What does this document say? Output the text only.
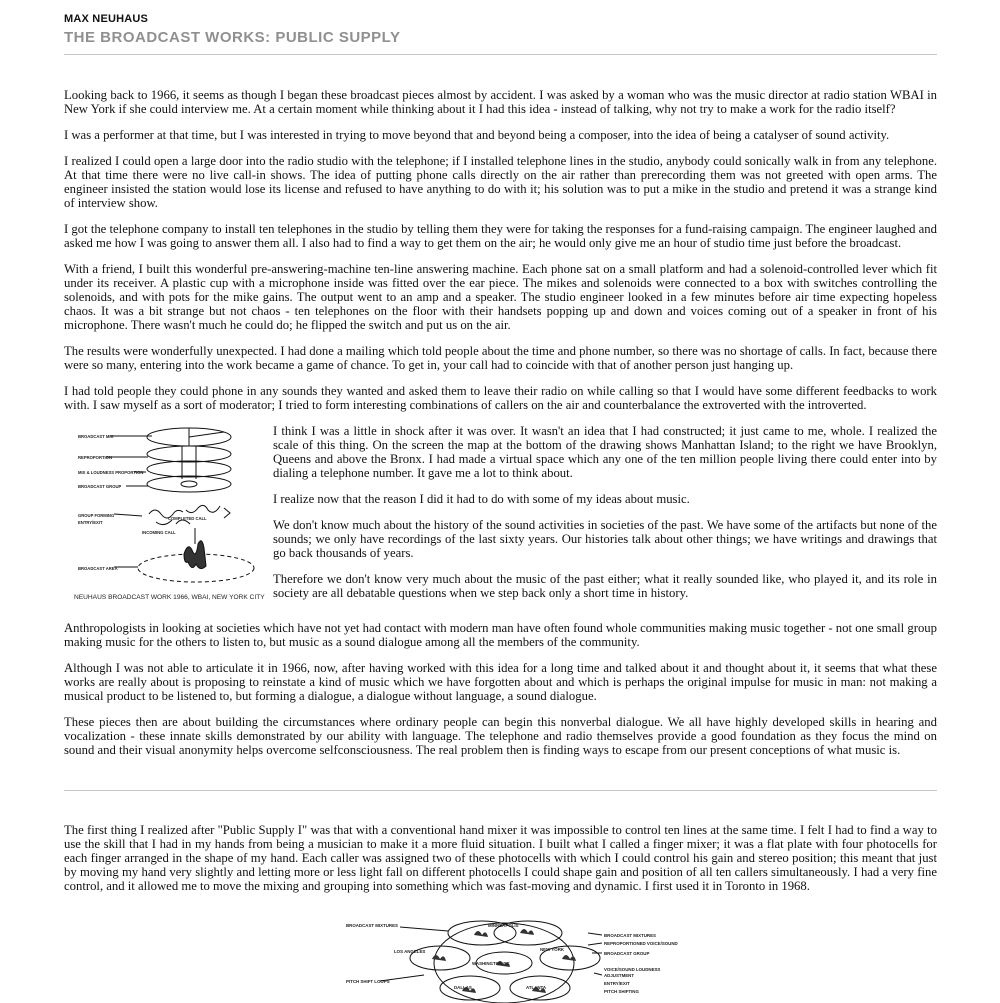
MAX NEUHAUS
THE BROADCAST WORKS: PUBLIC SUPPLY

Looking back to 1966, it seems as though I began these broadcast pieces almost by accident. I was asked by a woman who was the music director at radio station WBAI in New York if she could interview me. At a certain moment while thinking about it I had this idea - instead of talking, why not try to make a work for the radio itself?

I was a performer at that time, but I was interested in trying to move beyond that and beyond being a composer, into the idea of being a catalyser of sound activity.

I realized I could open a large door into the radio studio with the telephone; if I installed telephone lines in the studio, anybody could sonically walk in from any telephone. At that time there were no live call-in shows. The idea of putting phone calls directly on the air rather than prerecording them was not greeted with open arms. The engineer insisted the station would lose its license and refused to have anything to do with it; his solution was to put a mike in the studio and pretend it was a strange kind of interview show.

I got the telephone company to install ten telephones in the studio by telling them they were for taking the responses for a fund-raising campaign. The engineer laughed and asked me how I was going to answer them all. I also had to find a way to get them on the air; he would only give me an hour of studio time just before the broadcast.

With a friend, I built this wonderful pre-answering-machine ten-line answering machine. Each phone sat on a small platform and had a solenoid-controlled lever which fit under its receiver. A plastic cup with a microphone inside was fitted over the ear piece. The mikes and solenoids were connected to a box with switches controlling the solenoids, and with pots for the mike gains. The output went to an amp and a speaker. The studio engineer looked in a few minutes before air time expecting hopeless chaos. It was a bit strange but not chaos - ten telephones on the floor with their handsets popping up and down and voices coming out of a speaker in front of his microphone. There wasn't much he could do; he flipped the switch and put us on the air.

The results were wonderfully unexpected. I had done a mailing which told people about the time and phone number, so there was no shortage of calls. In fact, because there were so many, entering into the work became a game of chance. To get in, your call had to coincide with that of another person just hanging up.

I had told people they could phone in any sounds they wanted and asked them to leave their radio on while calling so that I would have some different feedbacks to work with. I saw myself as a sort of moderator; I tried to form interesting combinations of callers on the air and counterbalance the extroverted with the introverted.

BROADCAST MIX
REPROPORTION
MIX & LOUDNESS PROPORTION
BROADCAST GROUP
GROUP FORMING
ENTRY/EXIT
COMPLETED CALL
INCOMING CALL
BROADCAST AREA
NEUHAUS BROADCAST WORK 1966, WBAI, NEW YORK CITY

I think I was a little in shock after it was over. It wasn't an idea that I had constructed; it just came to me, whole. I realized the scale of this thing. On the screen the map at the bottom of the drawing shows Manhattan Island; to the right we have Brooklyn, Queens and above the Bronx. I had made a virtual space which any one of the ten million people living there could enter into by dialing a telephone number. It gave me a lot to think about.

I realize now that the reason I did it had to do with some of my ideas about music.

We don't know much about the history of the sound activities in societies of the past. We have some of the artifacts but none of the sounds; we only have recordings of the last sixty years. Our histories talk about other things; we have writings and drawings that go back thousands of years.

Therefore we don't know very much about the music of the past either; what it really sounded like, who played it, and its role in society are all debatable questions when we step back only a short time in history.

Anthropologists in looking at societies which have not yet had contact with modern man have often found whole communities making music together - not one small group making music for the others to listen to, but music as a sound dialogue among all the members of the community.

Although I was not able to articulate it in 1966, now, after having worked with this idea for a long time and talked about it and thought about it, it seems that what these works are really about is proposing to reinstate a kind of music which we have forgotten about and which is perhaps the original impulse for music in man: not making a musical product to be listened to, but forming a dialogue, a dialogue without language, a sound dialogue.

These pieces then are about building the circumstances where ordinary people can begin this nonverbal dialogue. We all have highly developed skills in hearing and vocalization - these innate skills demonstrated by our ability with language. The telephone and radio themselves provide a good foundation as they focus the mind on sound and their visual anonymity helps overcome selfconsciousness. The real problem then is finding ways to escape from our present conceptions of what music is.

The first thing I realized after "Public Supply I" was that with a conventional hand mixer it was impossible to control ten lines at the same time. I felt I had to find a way to use the skill that I had in my hands from being a musician to make it a more fluid situation. I built what I called a finger mixer; it was a flat plate with four photocells for each finger arranged in the shape of my hand. Each caller was assigned two of these photocells with which I could control his gain and stereo position; this meant that just by moving my hand very slightly and letting more or less light fall on different photocells I could shape gain and position of all ten callers simultaneously. I had a very fine control, and it allowed me to move the mixing and grouping into something which was fast-moving and dynamic. I first used it in Toronto in 1968.

BROADCAST MIXTURES	MINNEAPOLIS
LOS ANGELES
WASHINGTON DC
NEW YORK
PITCH SHIFT LOOPS
DALLAS	ATLANTA
BROADCAST MIXTURES
REPROPORTIONED VOICE/SOUND
BROADCAST GROUP
VOICE/SOUND LOUDNESS
ADJUSTMENT
ENTRY/EXIT
PITCH SHIFTING
